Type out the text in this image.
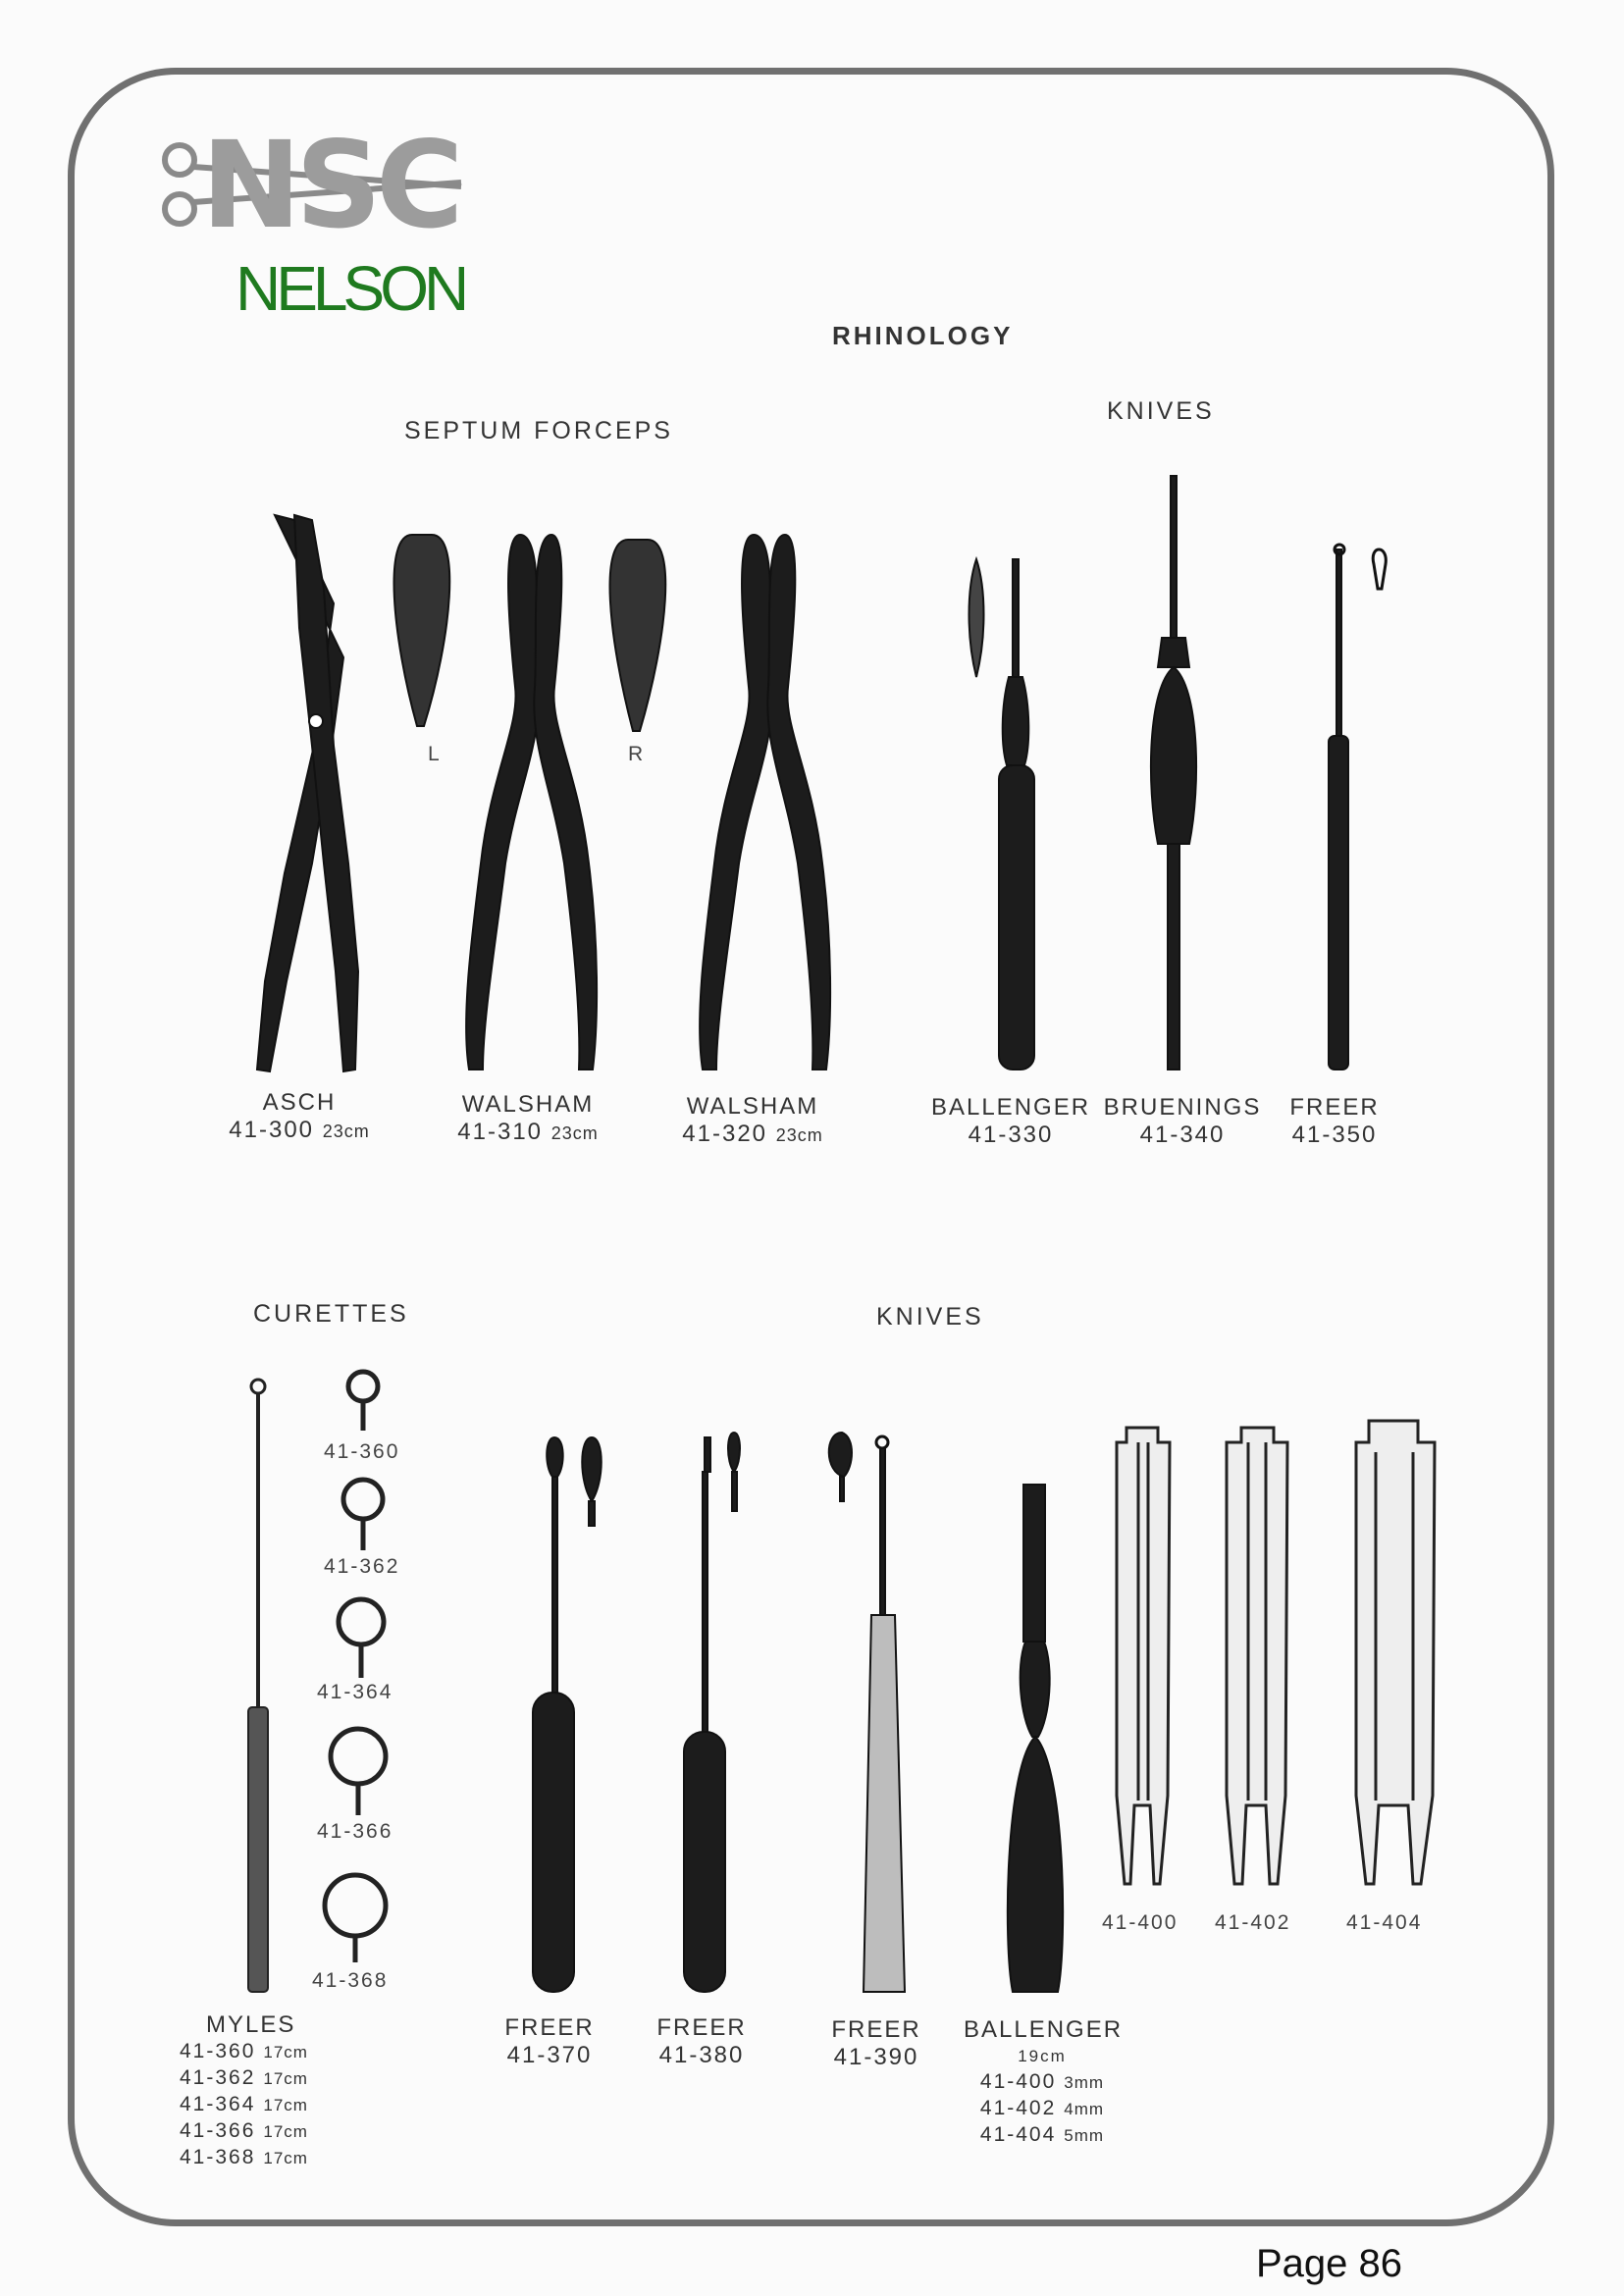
NSC
NELSON
RHINOLOGY
SEPTUM FORCEPS
KNIVES
CURETTES	KNIVES
L	R
ASCH
41-300 23cm
WALSHAM
41-310 23cm
WALSHAM
41-320 23cm
BALLENGER
41-330
BRUENINGS
41-340
FREER
41-350
41-360
41-362
41-364
41-366
41-368
MYLES
41-360 17cm
41-362 17cm
41-364 17cm
41-366 17cm
41-368 17cm
FREER
41-370
FREER
41-380
FREER
41-390
BALLENGER
19cm
41-400 3mm
41-402 4mm
41-404 5mm
41-400 41-402	41-404
Page 86
